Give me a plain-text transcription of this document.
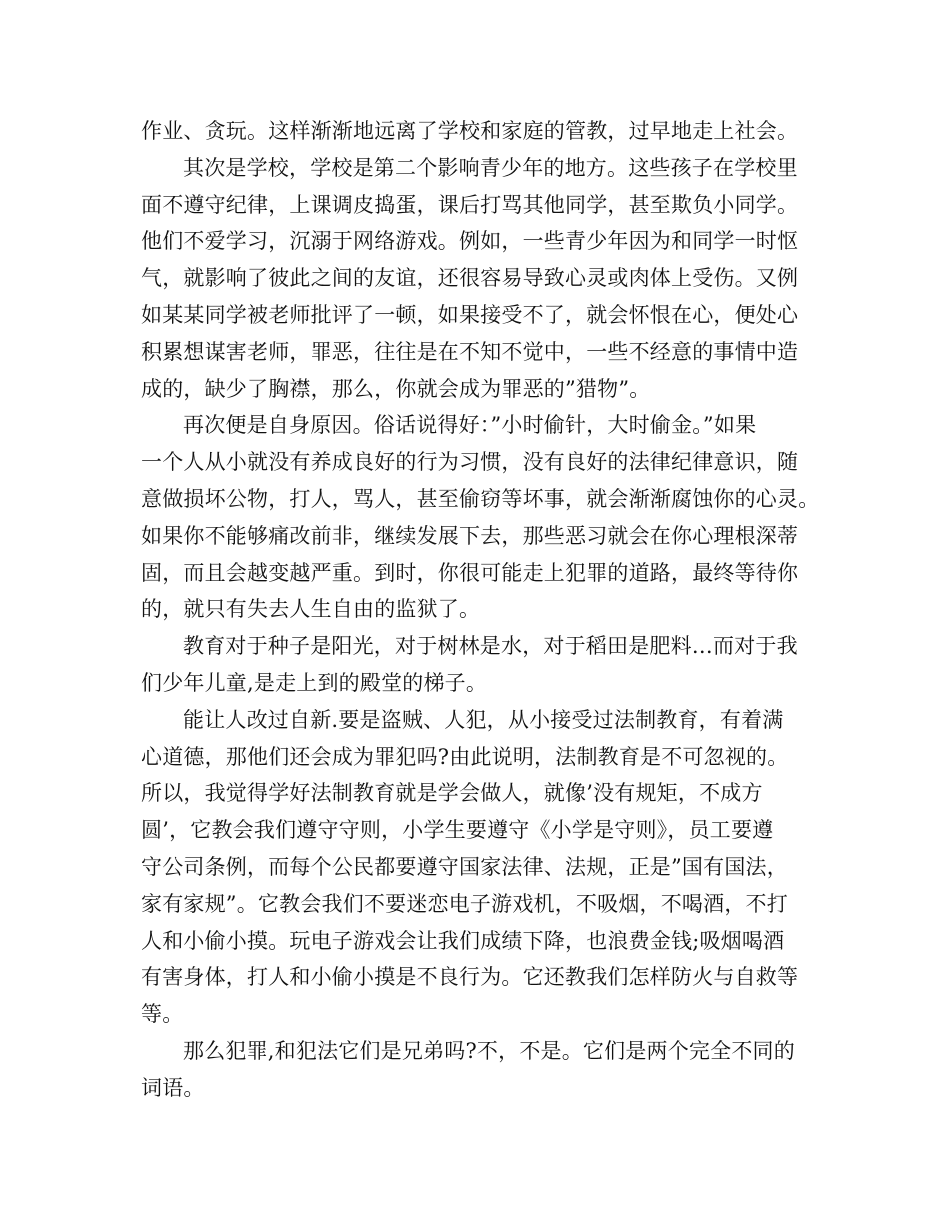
作业、贪玩。这样渐渐地远离了学校和家庭的管教，过早地走上社会。
其次是学校，学校是第二个影响青少年的地方。这些孩子在学校里
面不遵守纪律，上课调皮捣蛋，课后打骂其他同学，甚至欺负小同学。
他们不爱学习，沉溺于网络游戏。例如，一些青少年因为和同学一时怄
气，就影响了彼此之间的友谊，还很容易导致心灵或肉体上受伤。又例
如某某同学被老师批评了一顿，如果接受不了，就会怀恨在心，便处心
积累想谋害老师，罪恶，往往是在不知不觉中，一些不经意的事情中造
成的，缺少了胸襟，那么，你就会成为罪恶的”猎物”。
再次便是自身原因。俗话说得好：”小时偷针，大时偷金。”如果
一个人从小就没有养成良好的行为习惯，没有良好的法律纪律意识，随
意做损坏公物，打人，骂人，甚至偷窃等坏事，就会渐渐腐蚀你的心灵。
如果你不能够痛改前非，继续发展下去，那些恶习就会在你心理根深蒂
固，而且会越变越严重。到时，你很可能走上犯罪的道路，最终等待你
的，就只有失去人生自由的监狱了。
教育对于种子是阳光，对于树林是水，对于稻田是肥料…而对于我
们少年儿童,是走上到的殿堂的梯子。
能让人改过自新.要是盗贼、人犯，从小接受过法制教育，有着满
心道德，那他们还会成为罪犯吗?由此说明，法制教育是不可忽视的。
所以，我觉得学好法制教育就是学会做人，就像’没有规矩，不成方
圆’，它教会我们遵守守则，小学生要遵守《小学是守则》，员工要遵
守公司条例，而每个公民都要遵守国家法律、法规，正是”国有国法，
家有家规”。它教会我们不要迷恋电子游戏机，不吸烟，不喝酒，不打
人和小偷小摸。玩电子游戏会让我们成绩下降，也浪费金钱;吸烟喝酒
有害身体，打人和小偷小摸是不良行为。它还教我们怎样防火与自救等
等。
那么犯罪,和犯法它们是兄弟吗?不，不是。它们是两个完全不同的
词语。
